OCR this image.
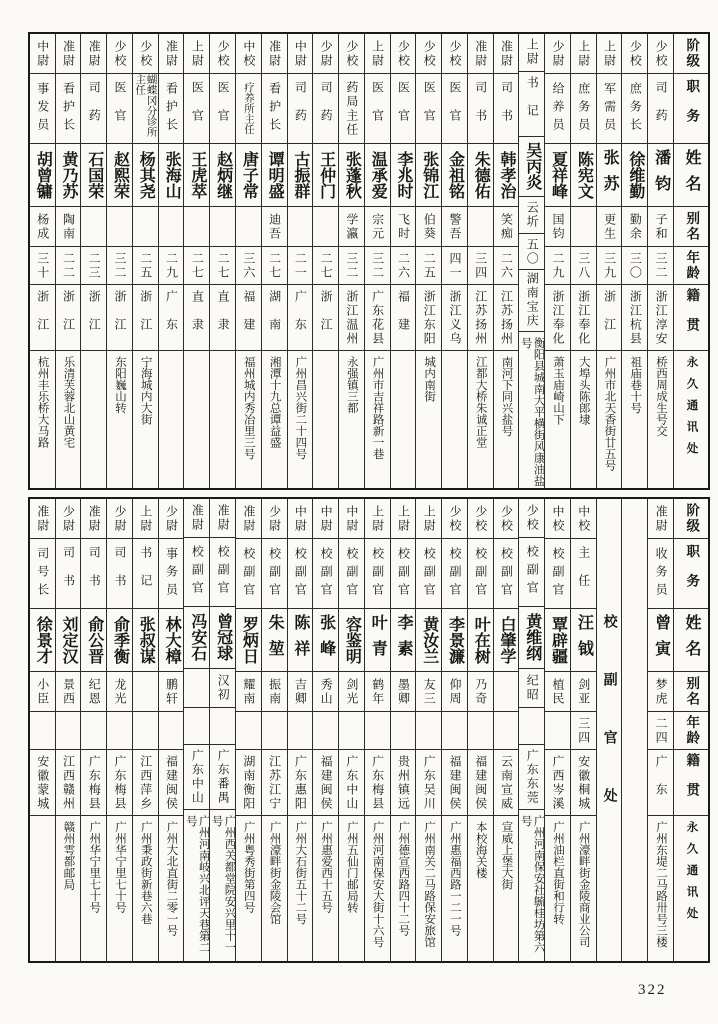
阶级
职务
姓名
别名
年龄
籍贯
永久通讯处
少校
司药
潘钧
子和
三二
浙江淳安
桥西周成生号交
少校
庶务长
徐维勤
勤余
三〇
浙江杭县
祖庙巷十号
上尉
军需员
张苏
更生
三九
浙江
广州市北天香街廿五号
上尉
庶务员
陈宪文
三八
浙江奉化
大埠头陈郎埭
少尉
给养员
夏祥峰
国钧
二九
浙江奉化
萧玉庙崎山下
上尉
书记
吴丙炎
云圻
五〇
湖南宝庆
衡阳县城南大平横街风康油盐号
准尉
司书
韩孝治
笑痴
二六
江苏扬州
南河下同兴盐号
准尉
司书
朱德佑
三四
江苏扬州
江都大桥朱诚正堂
少校
医官
金祖铭
警吾
四一
浙江义乌
少校
医官
张锦江
伯葵
二五
浙江东阳
城内南街
少校
医官
李兆时
飞时
二六
福建
上尉
医官
温承爱
宗元
三二
广东花县
广州市吉祥路新一巷
少校
药局主任
张蓬秋
学瀛
三二
浙江温州
永强镇三都
少尉
司药
王仲门
二七
浙江
中尉
司药
古振群
二一
广东
广州昌兴街二十四号
准尉
看护长
谭明盛
迪吾
二七
湖南
湘潭十九总谭益盛
中校
疗养所主任
唐子常
三六
福建
福州城内秀冶里三号
少校
医官
赵炳继
二七
直隶
上尉
医官
王虎萃
二七
直隶
准尉
看护长
张海山
二九
广东
少校
蝴蝶冈分诊所主任
杨其尧
二五
浙江
宁海城内大街
少校
医官
赵熙荣
三二
浙江
东阳巍山转
准尉
司药
石国荣
二三
浙江
准尉
看护长
黄乃苏
陶南
二二
浙江
乐清芙蓉北山黄宅
中尉
事发员
胡曾镛
杨成
三十
浙江
杭州丰乐桥大马路
阶级
职务
姓名
别名
年龄
籍贯
永久通讯处
准尉
收务员
曾寅
梦虎
二四
广东
广州东堤二马路卅号三楼
校副官处
中校
主任
汪钺
剑亚
三四
安徽桐城
广州濠畔街金陵商业公司
中校
校副官
覃辟疆
植民
广西岑溪
广州油栏直街和行转
少校
校副官
黄维纲
纪昭
广东东莞
广州河南保安社毓桂坊第六号
少校
校副官
白肇学
云南宣威
宣威上堡大街
少校
校副官
叶在树
乃奇
福建闽侯
本校海关楼
少校
校副官
李景濂
仰周
福建闽侯
广州惠福西路一二一号
上尉
校副官
黄汝兰
友三
广东吴川
广州南关二马路保安旅馆
上尉
校副官
李素
墨卿
贵州镇远
广州德宣西路四十二号
上尉
校副官
叶青
鹤年
广东梅县
广州河南保安大街十六号
中尉
校副官
容鉴明
剑光
广东中山
广州五仙门邮局转
中尉
校副官
张峰
秀山
福建闽侯
广州惠爱西十五号
中尉
校副官
陈祥
吉卿
广东惠阳
广州大石街五十二号
少尉
校副官
朱堃
振南
江苏江宁
广州濠畔街金陵会馆
准尉
校副官
罗炳日
耀南
湖南衡阳
广州粤秀街第四号
准尉
校副官
曾冠球
汉初
广东番禺
广州西关都堂院安兴里十一号
准尉
校副官
冯安石
广东中山
广州河南岐兴北评天巷第二号
少尉
事务员
林大樟
鹏轩
福建闽侯
广州大北直街二零一号
上尉
书记
张叔谋
江西萍乡
广州秉政街新巷六巷
少尉
司书
俞季衡
龙光
广东梅县
广州华宁里七十号
准尉
司书
俞公晋
纪恩
广东梅县
广州华宁里七十号
少尉
司书
刘定汉
景西
江西赣州
赣州雩都邮局
准尉
司号长
徐景才
小臣
安徽蒙城
322
